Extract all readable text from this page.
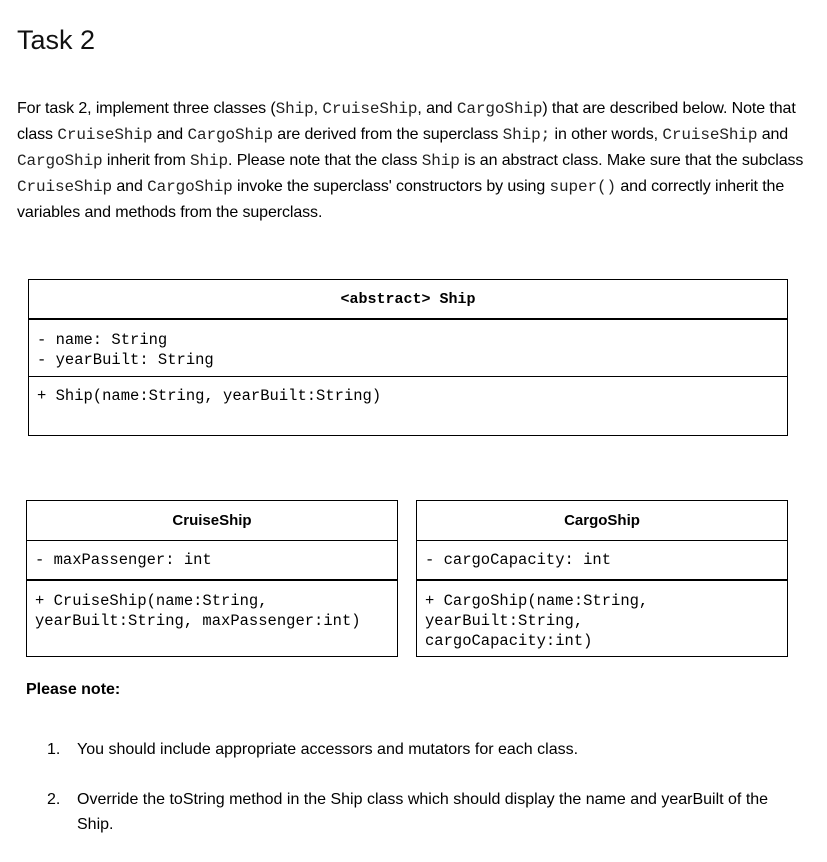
Task 2

For task 2, implement three classes (Ship, CruiseShip, and CargoShip) that are described below. Note that class CruiseShip and CargoShip are derived from the superclass Ship; in other words, CruiseShip and CargoShip inherit from Ship. Please note that the class Ship is an abstract class. Make sure that the subclass CruiseShip and CargoShip invoke the superclass' constructors by using super() and correctly inherit the variables and methods from the superclass.

<abstract> Ship
- name: String
- yearBuilt: String
+ Ship(name:String, yearBuilt:String)
CruiseShip
- maxPassenger: int
+ CruiseShip(name:String,
yearBuilt:String, maxPassenger:int)
CargoShip
- cargoCapacity: int
+ CargoShip(name:String,
yearBuilt:String,
cargoCapacity:int)

Please note:

1.	You should include appropriate accessors and mutators for each class.
2.	Override the toString method in the Ship class which should display the name and yearBuilt of the Ship.
